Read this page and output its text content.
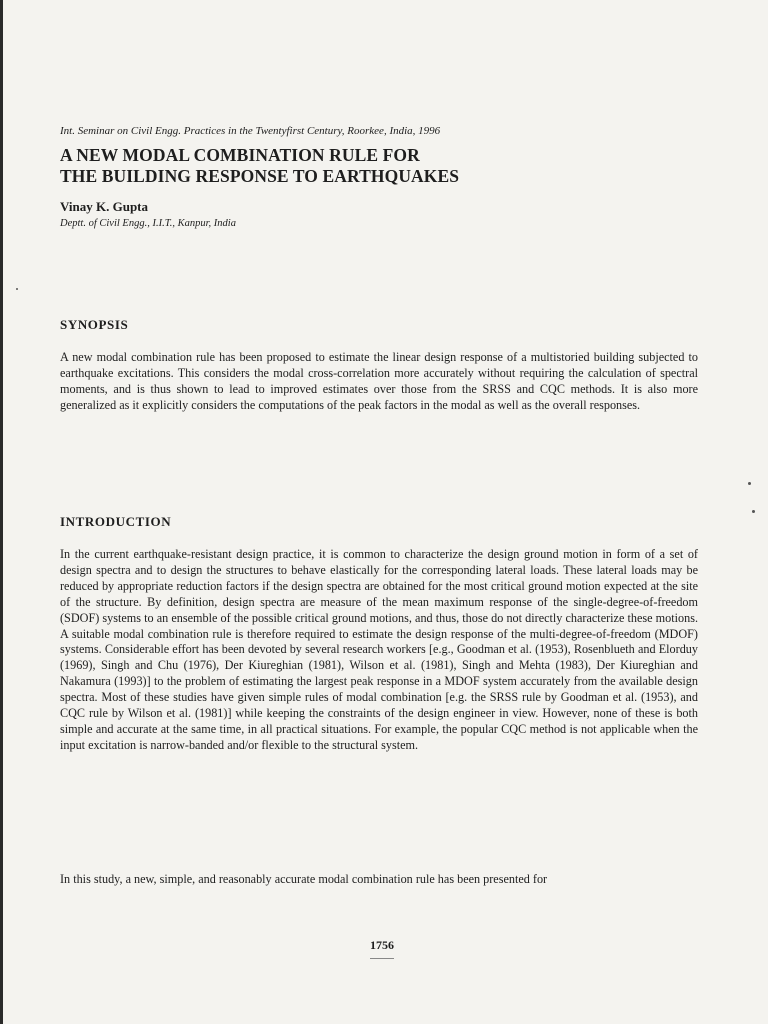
Int. Seminar on Civil Engg. Practices in the Twentyfirst Century, Roorkee, India, 1996
A NEW MODAL COMBINATION RULE FOR
THE BUILDING RESPONSE TO EARTHQUAKES
Vinay K. Gupta
Deptt. of Civil Engg., I.I.T., Kanpur, India
SYNOPSIS

A new modal combination rule has been proposed to estimate the linear design response of a multistoried building subjected to earthquake excitations. This considers the modal cross-correlation more accurately without requiring the calculation of spectral moments, and is thus shown to lead to improved estimates over those from the SRSS and CQC methods. It is also more generalized as it explicitly considers the computations of the peak factors in the modal as well as the overall responses.

INTRODUCTION

In the current earthquake-resistant design practice, it is common to characterize the design ground motion in form of a set of design spectra and to design the structures to behave elastically for the corresponding lateral loads. These lateral loads may be reduced by appropriate reduction factors if the design spectra are obtained for the most critical ground motion expected at the site of the structure. By definition, design spectra are measure of the mean maximum response of the single-degree-of-freedom (SDOF) systems to an ensemble of the possible critical ground motions, and thus, those do not directly characterize these motions. A suitable modal combination rule is therefore required to estimate the design response of the multi-degree-of-freedom (MDOF) systems. Considerable effort has been devoted by several research workers [e.g., Goodman et al. (1953), Rosenblueth and Elorduy (1969), Singh and Chu (1976), Der Kiureghian (1981), Wilson et al. (1981), Singh and Mehta (1983), Der Kiureghian and Nakamura (1993)] to the problem of estimating the largest peak response in a MDOF system accurately from the available design spectra. Most of these studies have given simple rules of modal combination [e.g. the SRSS rule by Goodman et al. (1953), and CQC rule by Wilson et al. (1981)] while keeping the constraints of the design engineer in view. However, none of these is both simple and accurate at the same time, in all practical situations. For example, the popular CQC method is not applicable when the input excitation is narrow-banded and/or flexible to the structural system.

In this study, a new, simple, and reasonably accurate modal combination rule has been presented for

1756
